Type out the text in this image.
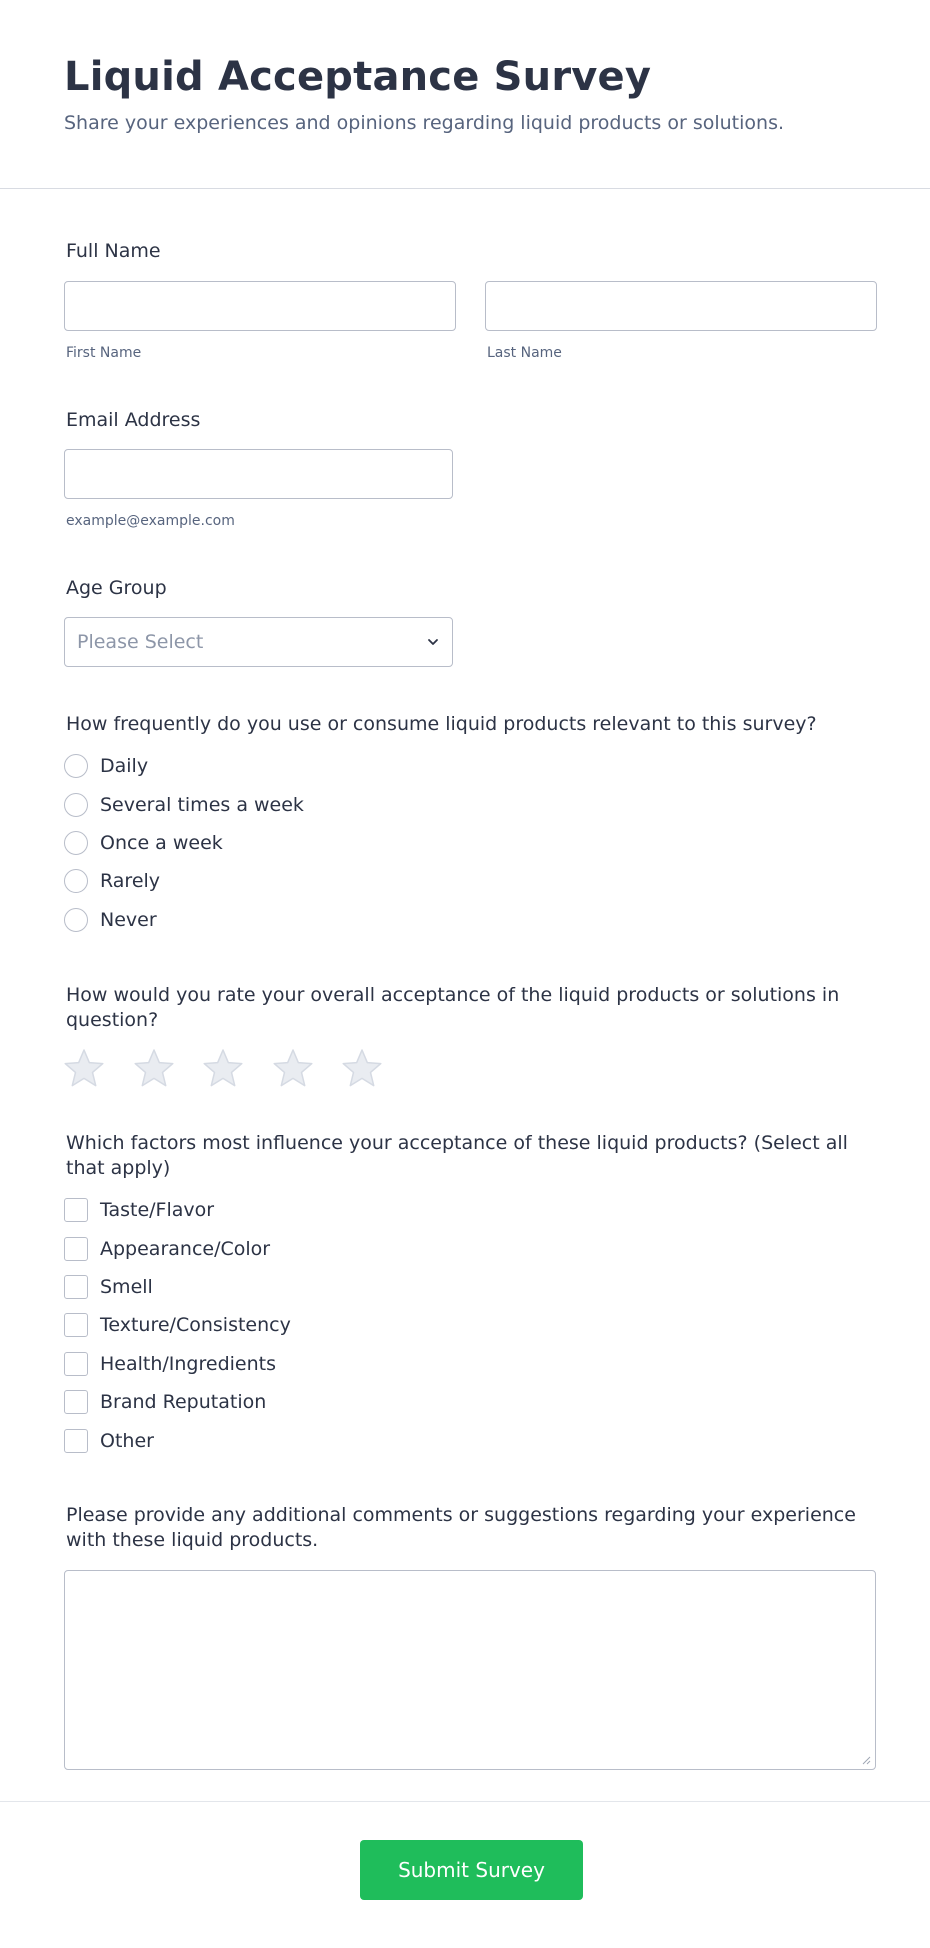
Liquid Acceptance Survey
Share your experiences and opinions regarding liquid products or solutions.
Full Name
First Name	Last Name
Email Address
example@example.com
Age Group
Please Select
How frequently do you use or consume liquid products relevant to this survey?
Daily
Several times a week
Once a week
Rarely
Never
How would you rate your overall acceptance of the liquid products or solutions in question?
Which factors most influence your acceptance of these liquid products? (Select all that apply)
Taste/Flavor
Appearance/Color
Smell
Texture/Consistency
Health/Ingredients
Brand Reputation
Other
Please provide any additional comments or suggestions regarding your experience with these liquid products.
Submit Survey
